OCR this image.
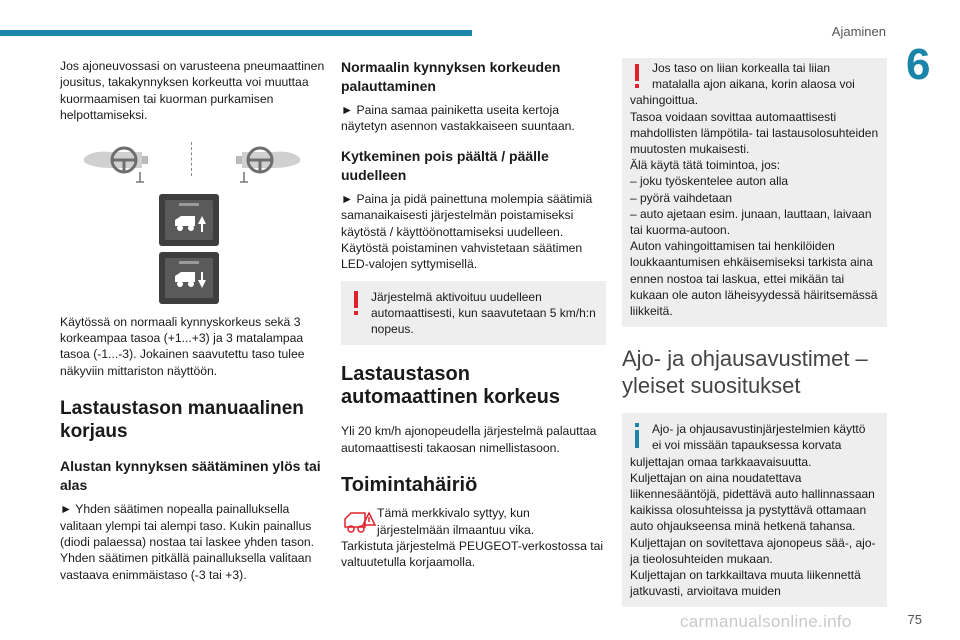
Ajaminen
6

Jos ajoneuvossasi on varusteena pneumaattinen jousitus, takakynnyksen korkeutta voi muuttaa kuormaamisen tai kuorman purkamisen helpottamiseksi.

Käytössä on normaali kynnyskorkeus sekä 3 korkeampaa tasoa (+1...+3) ja 3 matalampaa tasoa (-1...-3). Jokainen saavutettu taso tulee näkyviin mittariston näyttöön.

Lastaustason manuaalinen korjaus
Alustan kynnyksen säätäminen ylös tai alas

► Yhden säätimen nopealla painalluksella valitaan ylempi tai alempi taso. Kukin painallus (diodi palaessa) nostaa tai laskee yhden tason. Yhden säätimen pitkällä painalluksella valitaan vastaava enimmäistaso (-3 tai +3).

Normaalin kynnyksen korkeuden palauttaminen

► Paina samaa painiketta useita kertoja näytetyn asennon vastakkaiseen suuntaan.

Kytkeminen pois päältä / päälle uudelleen

► Paina ja pidä painettuna molempia säätimiä samanaikaisesti järjestelmän poistamiseksi käytöstä / käyttöönottamiseksi uudelleen. Käytöstä poistaminen vahvistetaan säätimen LED-valojen syttymisellä.

Järjestelmä aktivoituu uudelleen

automaattisesti, kun saavutetaan 5 km/h:n nopeus.

Lastaustason automaattinen korkeus

Yli 20 km/h ajonopeudella järjestelmä palauttaa automaattisesti takaosan nimellistasoon.

Toimintahäiriö

Tämä merkkivalo syttyy, kun

järjestelmään ilmaantuu vika.

Tarkistuta järjestelmä PEUGEOT-verkostossa tai valtuutetulla korjaamolla.

Jos taso on liian korkealla tai liian

matalalla ajon aikana, korin alaosa voi

vahingoittua.

Tasoa voidaan sovittaa automaattisesti mahdollisten lämpötila- tai lastausolosuhteiden muutosten mukaisesti.

Älä käytä tätä toimintoa, jos:

– joku työskentelee auton alla

– pyörä vaihdetaan

– auto ajetaan esim. junaan, lauttaan, laivaan tai kuorma-autoon.

Auton vahingoittamisen tai henkilöiden loukkaantumisen ehkäisemiseksi tarkista aina ennen nostoa tai laskua, ettei mikään tai kukaan ole auton läheisyydessä häiritsemässä liikkeitä.

Ajo- ja ohjausavustimet – yleiset suositukset

Ajo- ja ohjausavustinjärjestelmien käyttö

ei voi missään tapauksessa korvata

kuljettajan omaa tarkkaavaisuutta.

Kuljettajan on aina noudatettava liikennesääntöjä, pidettävä auto hallinnassaan kaikissa olosuhteissa ja pystyttävä ottamaan auto ohjaukseensa minä hetkenä tahansa.

Kuljettajan on sovitettava ajonopeus sää-, ajo- ja tieolosuhteiden mukaan.

Kuljettajan on tarkkailtava muuta liikennettä jatkuvasti, arvioitava muiden

carmanualsonline.info	75
